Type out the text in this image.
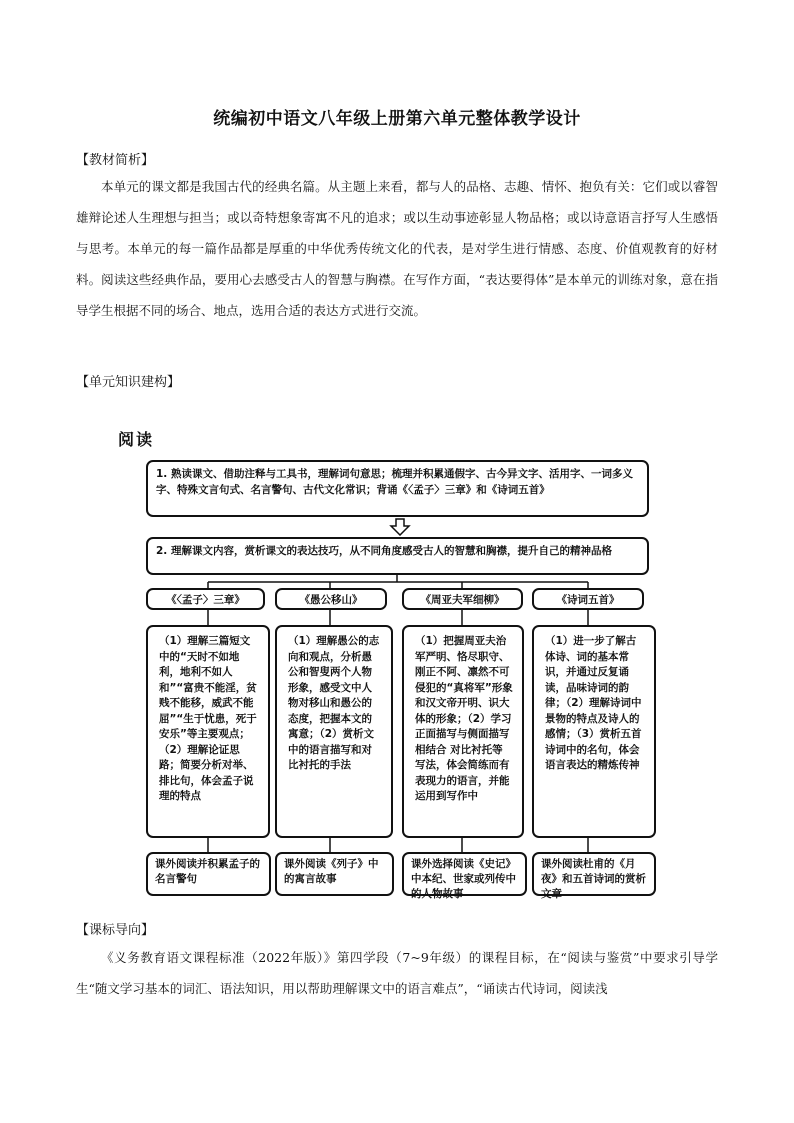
统编初中语文八年级上册第六单元整体教学设计
【教材简析】

本单元的课文都是我国古代的经典名篇。从主题上来看，都与人的品格、志趣、情怀、抱负有关：它们或以睿智雄辩论述人生理想与担当；或以奇特想象寄寓不凡的追求；或以生动事迹彰显人物品格；或以诗意语言抒写人生感悟与思考。本单元的每一篇作品都是厚重的中华优秀传统文化的代表，是对学生进行情感、态度、价值观教育的好材料。阅读这些经典作品，要用心去感受古人的智慧与胸襟。在写作方面，“表达要得体”是本单元的训练对象，意在指导学生根据不同的场合、地点，选用合适的表达方式进行交流。

【单元知识建构】
阅读
1. 熟读课文、借助注释与工具书，理解词句意思；梳理并积累通假字、古今异文字、活用字、一词多义字、特殊文言句式、名言警句、古代文化常识；背诵《〈孟子〉三章》和《诗词五首》
2. 理解课文内容，赏析课文的表达技巧，从不同角度感受古人的智慧和胸襟，提升自己的精神品格
《〈孟子〉三章》
（1）理解三篇短文中的“天时不如地利，地利不如人和”“富贵不能淫，贫贱不能移，威武不能屈”“生于忧患，死于安乐”等主要观点；（2）理解论证思路；简要分析对举、排比句，体会孟子说理的特点
课外阅读并积累孟子的名言警句
《愚公移山》
（1）理解愚公的志向和观点，分析愚公和智叟两个人物形象，感受文中人物对移山和愚公的态度，把握本文的寓意；（2）赏析文中的语言描写和对比衬托的手法
课外阅读《列子》中的寓言故事
《周亚夫军细柳》
（1）把握周亚夫治军严明、恪尽职守、刚正不阿、凛然不可侵犯的“真将军”形象和汉文帝开明、识大体的形象；（2）学习正面描写与侧面描写相结合 对比衬托等写法，体会简练而有表现力的语言，并能运用到写作中
课外选择阅读《史记》中本纪、世家或列传中的人物故事
《诗词五首》
（1）进一步了解古体诗、词的基本常识，并通过反复诵读，品味诗词的韵律；（2）理解诗词中景物的特点及诗人的感情；（3）赏析五首诗词中的名句，体会语言表达的精炼传神
课外阅读杜甫的《月夜》和五首诗词的赏析文章
【课标导向】

《义务教育语文课程标准（2022年版）》第四学段（7~9年级）的课程目标，在“阅读与鉴赏”中要求引导学生“随文学习基本的词汇、语法知识，用以帮助理解课文中的语言难点”，“诵读古代诗词，阅读浅
